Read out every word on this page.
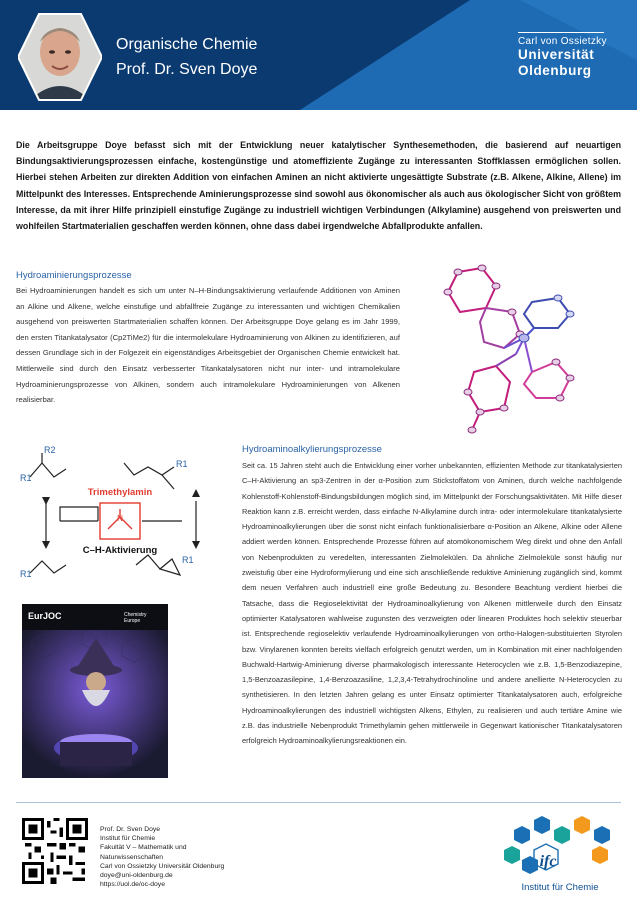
Organische Chemie
Prof. Dr. Sven Doye
Carl von Ossietzky
Universität
Oldenburg
Die Arbeitsgruppe Doye befasst sich mit der Entwicklung neuer katalytischer Synthesemethoden, die basierend auf neuartigen Bindungsaktivierungsprozessen einfache, kostengünstige und atomeffiziente Zugänge zu interessanten Stoffklassen ermöglichen sollen. Hierbei stehen Arbeiten zur direkten Addition von einfachen Aminen an nicht aktivierte ungesättigte Substrate (z.B. Alkene, Alkine, Allene) im Mittelpunkt des Interesses. Entsprechende Aminierungsprozesse sind sowohl aus ökonomischer als auch aus ökologischer Sicht von größtem Interesse, da mit ihrer Hilfe prinzipiell einstufige Zugänge zu industriell wichtigen Verbindungen (Alkylamine) ausgehend von preiswerten und wohlfeilen Startmaterialien geschaffen werden können, ohne dass dabei irgendwelche Abfallprodukte anfallen.
Hydroaminierungsprozesse
Bei Hydroaminierungen handelt es sich um unter N–H-Bindungsaktivierung verlaufende Additionen von Aminen an Alkine und Alkene, welche einstufige und abfallfreie Zugänge zu interessanten und wichtigen Chemikalien ausgehend von preiswerten Startmaterialien schaffen können. Der Arbeitsgruppe Doye gelang es im Jahr 1999, den ersten Titankatalysator (Cp2TiMe2) für die intermolekulare Hydroaminierung von Alkinen zu identifizieren, auf dessen Grundlage sich in der Folgezeit ein eigenständiges Arbeitsgebiet der Organischen Chemie entwickelt hat. Mittlerweile sind durch den Einsatz verbesserter Titankatalysatoren nicht nur inter- und intramolekulare Hydroaminierungsprozesse von Alkinen, sondern auch intramolekulare Hydroaminierungen von Alkenen realisierbar.
N
R1
R2
R1
R1
R1
Trimethylamin
C–H-Aktivierung
Hydroaminoalkylierungsprozesse
Seit ca. 15 Jahren steht auch die Entwicklung einer vorher unbekannten, effizienten Methode zur titankatalysierten C–H-Aktivierung an sp3-Zentren in der α-Position zum Stickstoffatom von Aminen, durch welche nachfolgende Kohlenstoff-Kohlenstoff-Bindungsbildungen möglich sind, im Mittelpunkt der Forschungsaktivitäten. Mit Hilfe dieser Reaktion kann z.B. erreicht werden, dass einfache N-Alkylamine durch intra- oder intermolekulare titankatalysierte Hydroaminoalkylierungen über die sonst nicht einfach funktionalisierbare α-Position an Alkene, Alkine oder Allene addiert werden können. Entsprechende Prozesse führen auf atomökonomischem Weg direkt und ohne den Anfall von Nebenprodukten zu veredelten, interessanten Zielmolekülen. Da ähnliche Zielmoleküle sonst häufig nur zweistufig über eine Hydroformylierung und eine sich anschließende reduktive Aminierung zugänglich sind, kommt dem neuen Verfahren auch industriell eine große Bedeutung zu. Besondere Beachtung verdient hierbei die Tatsache, dass die Regioselektivität der Hydroaminoalkylierung von Alkenen mittlerweile durch den Einsatz optimierter Katalysatoren wahlweise zugunsten des verzweigten oder linearen Produktes hoch selektiv steuerbar ist. Entsprechende regioselektiv verlaufende Hydroaminoalkylierungen von ortho-Halogen-substituierten Styrolen bzw. Vinylarenen konnten bereits vielfach erfolgreich genutzt werden, um in Kombination mit einer nachfolgenden Buchwald-Hartwig-Aminierung diverse pharmakologisch interessante Heterocyclen wie z.B. 1,5-Benzodiazepine, 1,5-Benzoazasilepine, 1,4-Benzoazasiline, 1,2,3,4-Tetrahydrochinoline und andere anellierte N-Heterocyclen zu synthetisieren. In den letzten Jahren gelang es unter Einsatz optimierter Titankatalysatoren auch, erfolgreiche Hydroaminoalkylierungen des industriell wichtigsten Alkens, Ethylen, zu realisieren und auch tertiäre Amine wie z.B. das industrielle Nebenprodukt Trimethylamin gehen mittlerweile in Gegenwart kationischer Titankatalysatoren erfolgreich Hydroaminoalkylierungsreaktionen ein.
EurJOC	Chemistry Europe
Prof. Dr. Sven Doye
Institut für Chemie
Fakultät V – Mathematik und
Naturwissenschaften
Carl von Ossietzky Universität Oldenburg
doye@uni-oldenburg.de
https://uol.de/oc-doye
ifc
Institut für Chemie
